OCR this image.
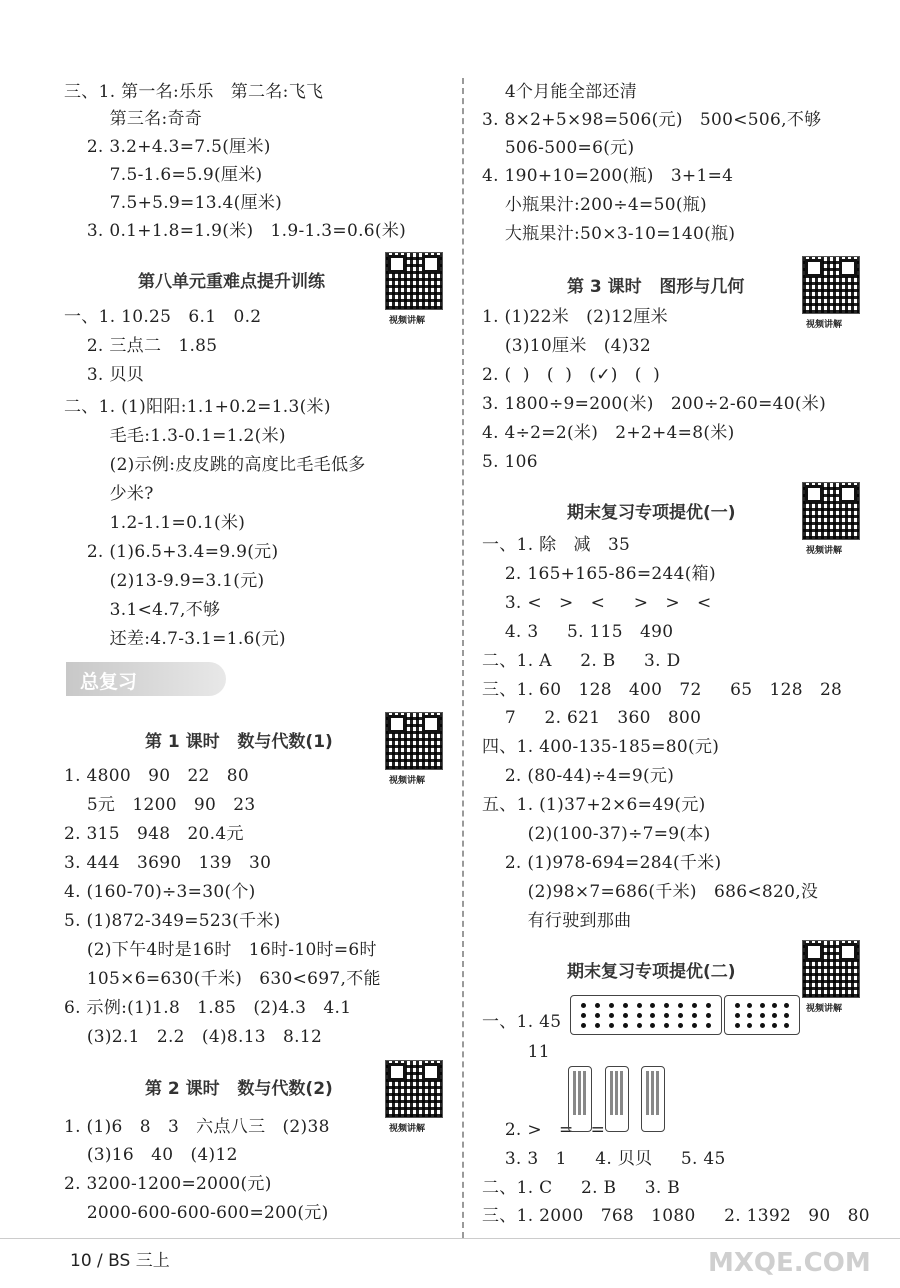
三、1. 第一名:乐乐   第二名:飞飞
第三名:奇奇
2. 3.2+4.3=7.5(厘米)
7.5-1.6=5.9(厘米)
7.5+5.9=13.4(厘米)
3. 0.1+1.8=1.9(米)   1.9-1.3=0.6(米)
一、1. 10.25   6.1   0.2
2. 三点二   1.85
3. 贝贝
二、1. (1)阳阳:1.1+0.2=1.3(米)
毛毛:1.3-0.1=1.2(米)
(2)示例:皮皮跳的高度比毛毛低多
少米?
1.2-1.1=0.1(米)
2. (1)6.5+3.4=9.9(元)
(2)13-9.9=3.1(元)
3.1<4.7,不够
还差:4.7-3.1=1.6(元)
1. 4800   90   22   80
5元   1200   90   23
2. 315   948   20.4元
3. 444   3690   139   30
4. (160-70)÷3=30(个)
5. (1)872-349=523(千米)
(2)下午4时是16时   16时-10时=6时
105×6=630(千米)   630<697,不能
6. 示例:(1)1.8   1.85   (2)4.3   4.1
(3)2.1   2.2   (4)8.13   8.12
1. (1)6   8   3   六点八三   (2)38
(3)16   40   (4)12
2. 3200-1200=2000(元)
2000-600-600-600=200(元)
4个月能全部还清
3. 8×2+5×98=506(元)   500<506,不够
506-500=6(元)
4. 190+10=200(瓶)   3+1=4
小瓶果汁:200÷4=50(瓶)
大瓶果汁:50×3-10=140(瓶)
1. (1)22米   (2)12厘米
(3)10厘米   (4)32
2. (  )   (  )   (✓)   (  )
3. 1800÷9=200(米)   200÷2-60=40(米)
4. 4÷2=2(米)   2+2+4=8(米)
5. 106
一、1. 除   减   35
2. 165+165-86=244(箱)
3. <   >   <     >   >   <
4. 3     5. 115   490
二、1. A     2. B     3. D
三、1. 60   128   400   72     65   128   28
7     2. 621   360   800
四、1. 400-135-185=80(元)
2. (80-44)÷4=9(元)
五、1. (1)37+2×6=49(元)
(2)(100-37)÷7=9(本)
2. (1)978-694=284(千米)
(2)98×7=686(千米)   686<820,没
有行驶到那曲
一、1. 45
11
2. >   =   =
3. 3   1     4. 贝贝     5. 45
二、1. C     2. B     3. B
三、1. 2000   768   1080     2. 1392   90   80
第八单元重难点提升训练
总复习
第 1 课时   数与代数(1)
第 2 课时   数与代数(2)
第 3 课时   图形与几何
期末复习专项提优(一)
期末复习专项提优(二)
视频讲解
视频讲解
视频讲解
视频讲解
视频讲解
视频讲解
10 / BS 三上	MXQE.COM
